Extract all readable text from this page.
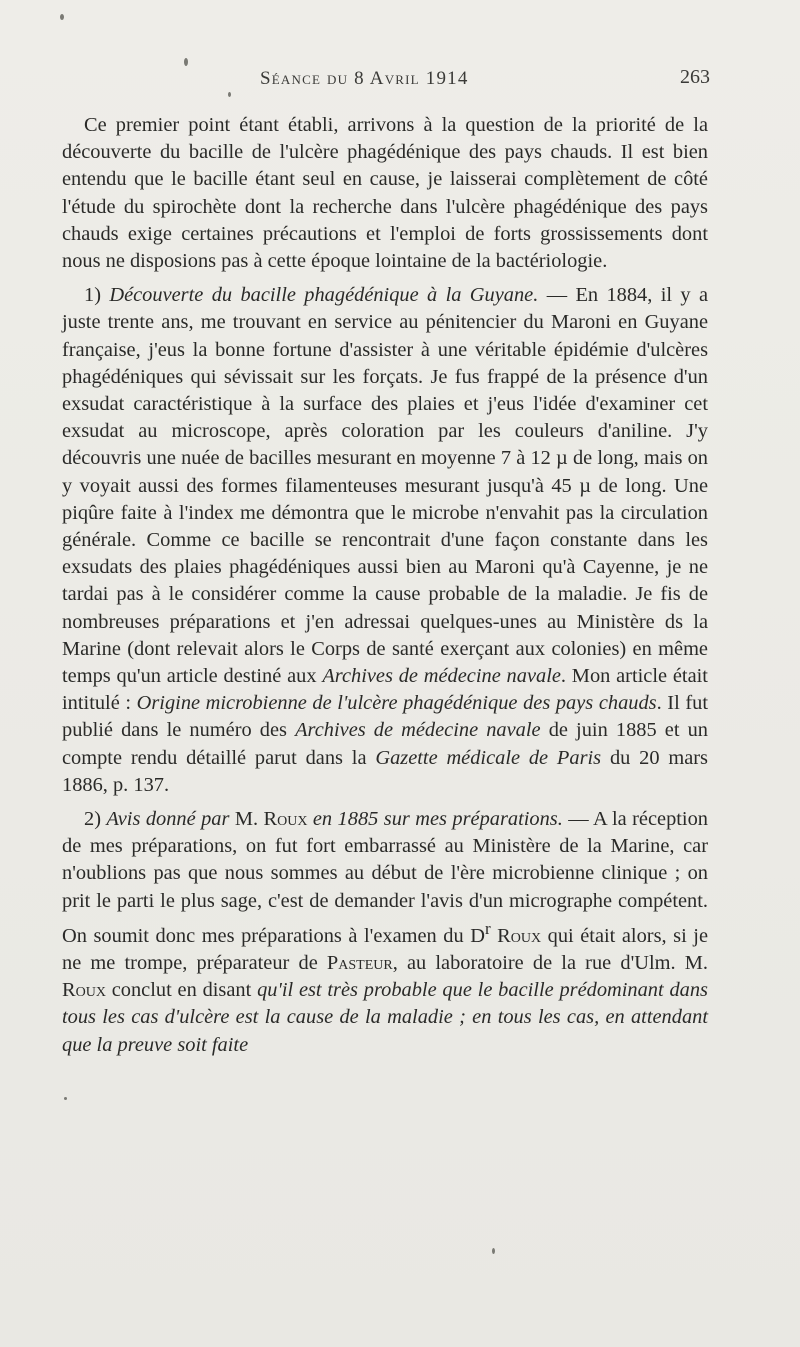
Séance du 8 Avril 1914	263

Ce premier point étant établi, arrivons à la question de la priorité de la découverte du bacille de l'ulcère phagédénique des pays chauds. Il est bien entendu que le bacille étant seul en cause, je laisserai complètement de côté l'étude du spirochète dont la recherche dans l'ulcère phagédénique des pays chauds exige certaines précautions et l'emploi de forts grossissements dont nous ne disposions pas à cette époque lointaine de la bactériologie.

1) Découverte du bacille phagédénique à la Guyane. — En 1884, il y a juste trente ans, me trouvant en service au pénitencier du Maroni en Guyane française, j'eus la bonne fortune d'assister à une véritable épidémie d'ulcères phagédéniques qui sévissait sur les forçats. Je fus frappé de la présence d'un exsudat caractéristique à la surface des plaies et j'eus l'idée d'examiner cet exsudat au microscope, après coloration par les couleurs d'aniline. J'y découvris une nuée de bacilles mesurant en moyenne 7 à 12 µ de long, mais on y voyait aussi des formes filamenteuses mesurant jusqu'à 45 µ de long. Une piqûre faite à l'index me démontra que le microbe n'envahit pas la circulation générale. Comme ce bacille se rencontrait d'une façon constante dans les exsudats des plaies phagédéniques aussi bien au Maroni qu'à Cayenne, je ne tardai pas à le considérer comme la cause probable de la maladie. Je fis de nombreuses préparations et j'en adressai quelques-unes au Ministère ds la Marine (dont relevait alors le Corps de santé exerçant aux colonies) en même temps qu'un article destiné aux Archives de médecine navale. Mon article était intitulé : Origine microbienne de l'ulcère phagédénique des pays chauds. Il fut publié dans le numéro des Archives de médecine navale de juin 1885 et un compte rendu détaillé parut dans la Gazette médicale de Paris du 20 mars 1886, p. 137.

2) Avis donné par M. Roux en 1885 sur mes préparations. — A la réception de mes préparations, on fut fort embarrassé au Ministère de la Marine, car n'oublions pas que nous sommes au début de l'ère microbienne clinique ; on prit le parti le plus sage, c'est de demander l'avis d'un micrographe compétent. On soumit donc mes préparations à l'examen du $D^r$ Roux qui était alors, si je ne me trompe, préparateur de Pasteur, au laboratoire de la rue d'Ulm. M. Roux conclut en disant qu'il est très probable que le bacille prédominant dans tous les cas d'ulcère est la cause de la maladie ; en tous les cas, en attendant que la preuve soit faite
